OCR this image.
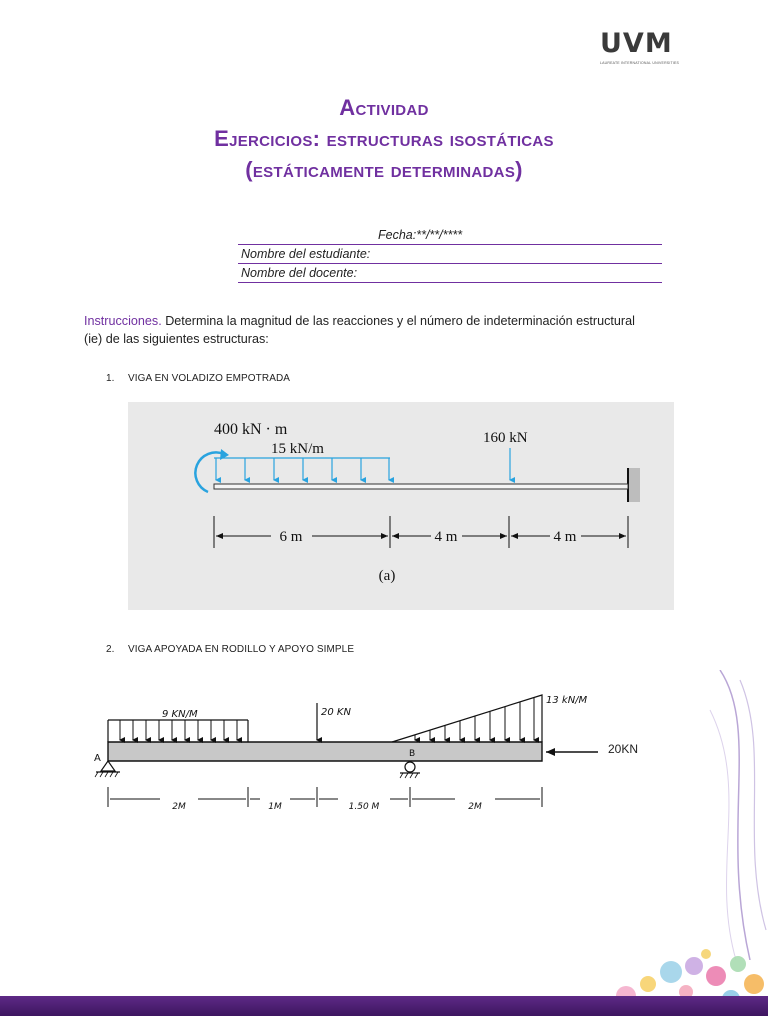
UVM
LAUREATE INTERNATIONAL UNIVERSITIES
Actividad
Ejercicios: estructuras isostáticas
(estáticamente determinadas)
Fecha:**/**/****
Nombre del estudiante:
Nombre del docente:
Instrucciones. Determina la magnitud de las reacciones y el número de indeterminación estructural (ie) de las siguientes estructuras:
1. VIGA EN VOLADIZO EMPOTRADA
400 kN · m
15 kN/m
160 kN
6 m	4 m	4 m
(a)
2. VIGA APOYADA EN RODILLO Y APOYO SIMPLE
9 KN/M	20 KN
13 kN/M
A	B
2M	1M	1.50 M	2M
20KN
